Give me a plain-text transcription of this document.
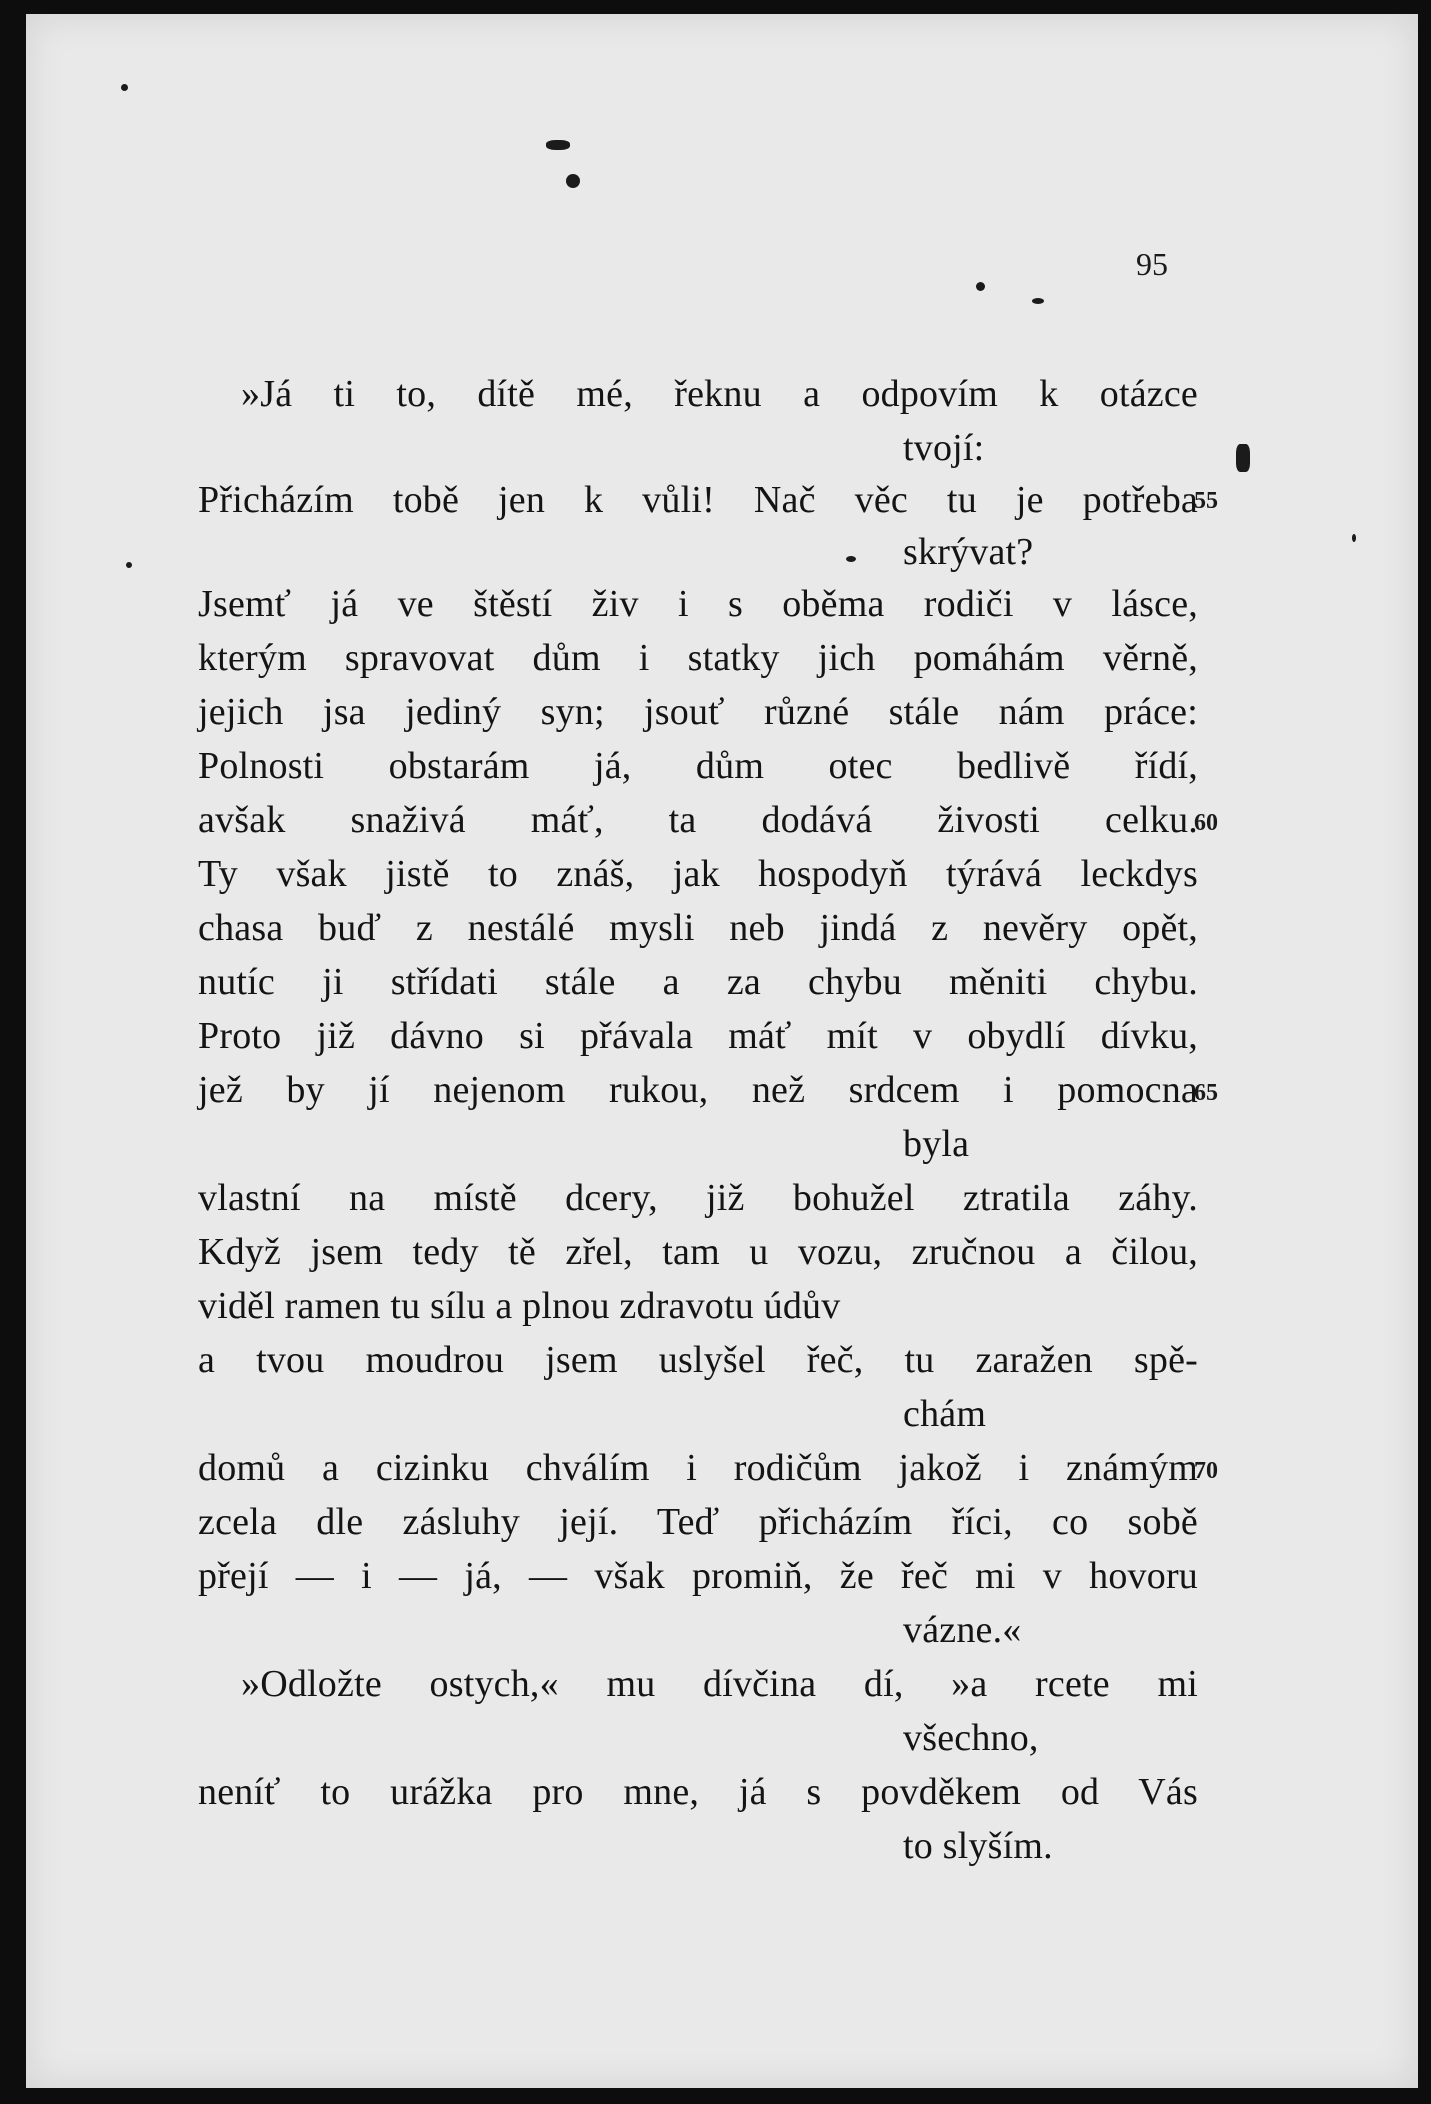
95
»Já ti to, dítě mé, řeknu a odpovím k otázce
tvojí:
Přicházím tobě jen k vůli! Nač věc tu je potřeba
skrývat?
Jsemť já ve štěstí živ i s oběma rodiči v lásce,
kterým spravovat dům i statky jich pomáhám věrně,
jejich jsa jediný syn; jsouť různé stále nám práce:
Polnosti obstarám já, dům otec bedlivě řídí,
avšak snaživá máť, ta dodává živosti celku.
Ty však jistě to znáš, jak hospodyň týrává leckdys
chasa buď z nestálé mysli neb jindá z nevěry opět,
nutíc ji střídati stále a za chybu měniti chybu.
Proto již dávno si přávala máť mít v obydlí dívku,
jež by jí nejenom rukou, než srdcem i pomocna
byla
vlastní na místě dcery, již bohužel ztratila záhy.
Když jsem tedy tě zřel, tam u vozu, zručnou a čilou,
viděl ramen tu sílu a plnou zdravotu údův
a tvou moudrou jsem uslyšel řeč, tu zaražen spě-
chám
domů a cizinku chválím i rodičům jakož i známým
zcela dle zásluhy její. Teď přicházím říci, co sobě
přejí — i — já, — však promiň, že řeč mi v hovoru
vázne.«
»Odložte ostych,« mu dívčina dí, »a rcete mi
všechno,
neníť to urážka pro mne, já s povděkem od Vás
to slyším.
55
60
65
70
